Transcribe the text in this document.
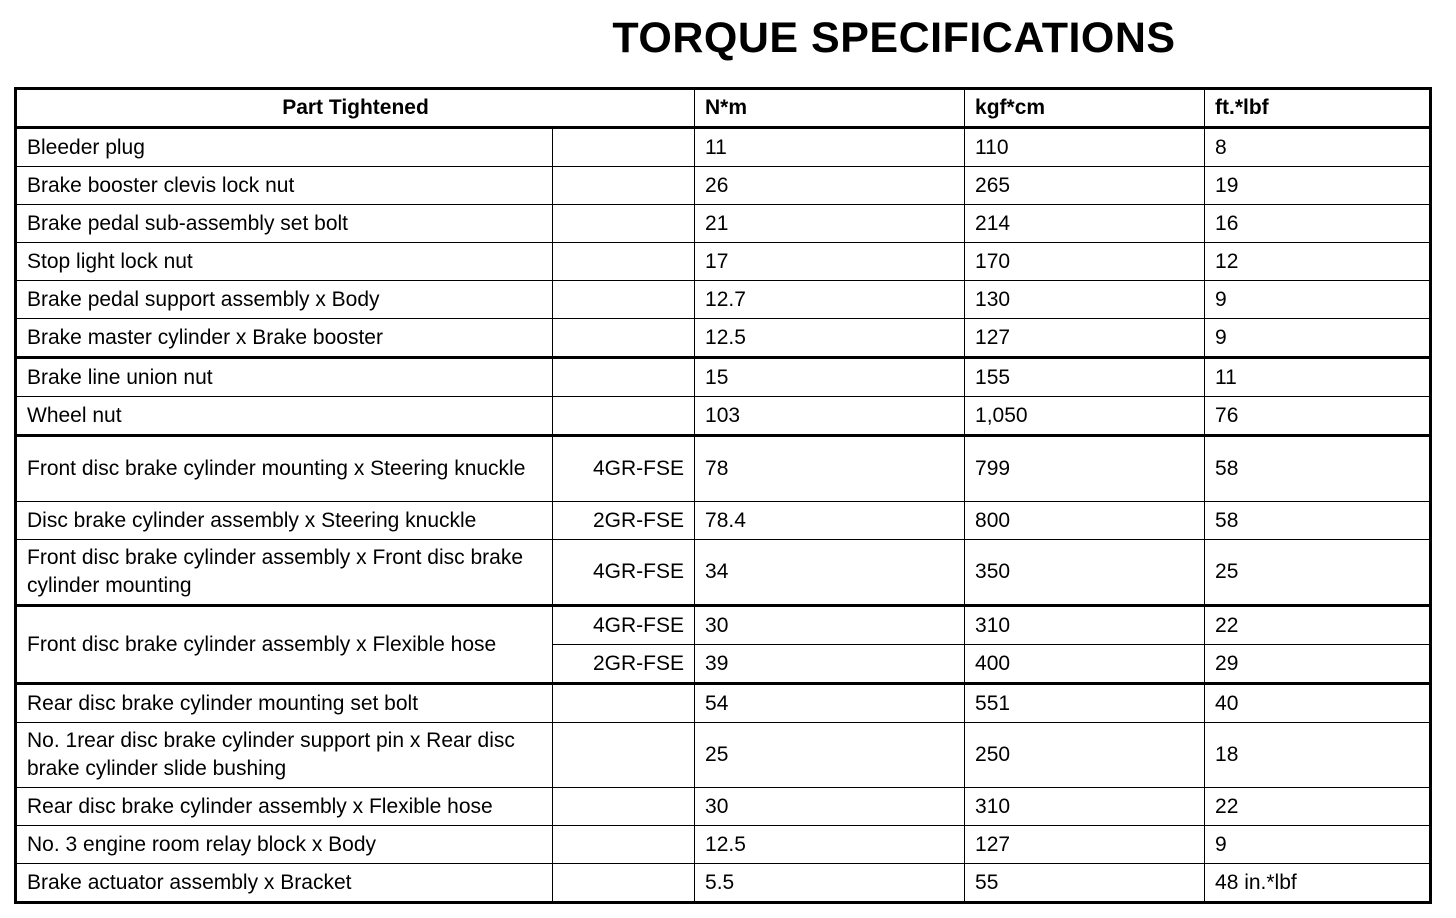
TORQUE SPECIFICATIONS
Part Tightened		N*m	kgf*cm	ft.*lbf
Bleeder plug		11	110	8
Brake booster clevis lock nut		26	265	19
Brake pedal sub-assembly set bolt		21	214	16
Stop light lock nut		17	170	12
Brake pedal support assembly x Body		12.7	130	9
Brake master cylinder x Brake booster		12.5	127	9
Brake line union nut		15	155	11
Wheel nut		103	1,050	76
Front disc brake cylinder mounting x Steering knuckle	4GR-FSE	78	799	58
Disc brake cylinder assembly x Steering knuckle	2GR-FSE	78.4	800	58
Front disc brake cylinder assembly x Front disc brake cylinder mounting	4GR-FSE	34	350	25
Front disc brake cylinder assembly x Flexible hose	4GR-FSE	30	310	22
	2GR-FSE	39	400	29
Rear disc brake cylinder mounting set bolt		54	551	40
No. 1rear disc brake cylinder support pin x Rear disc brake cylinder slide bushing		25	250	18
Rear disc brake cylinder assembly x Flexible hose		30	310	22
No. 3 engine room relay block x Body		12.5	127	9
Brake actuator assembly x Bracket		5.5	55	48 in.*lbf
